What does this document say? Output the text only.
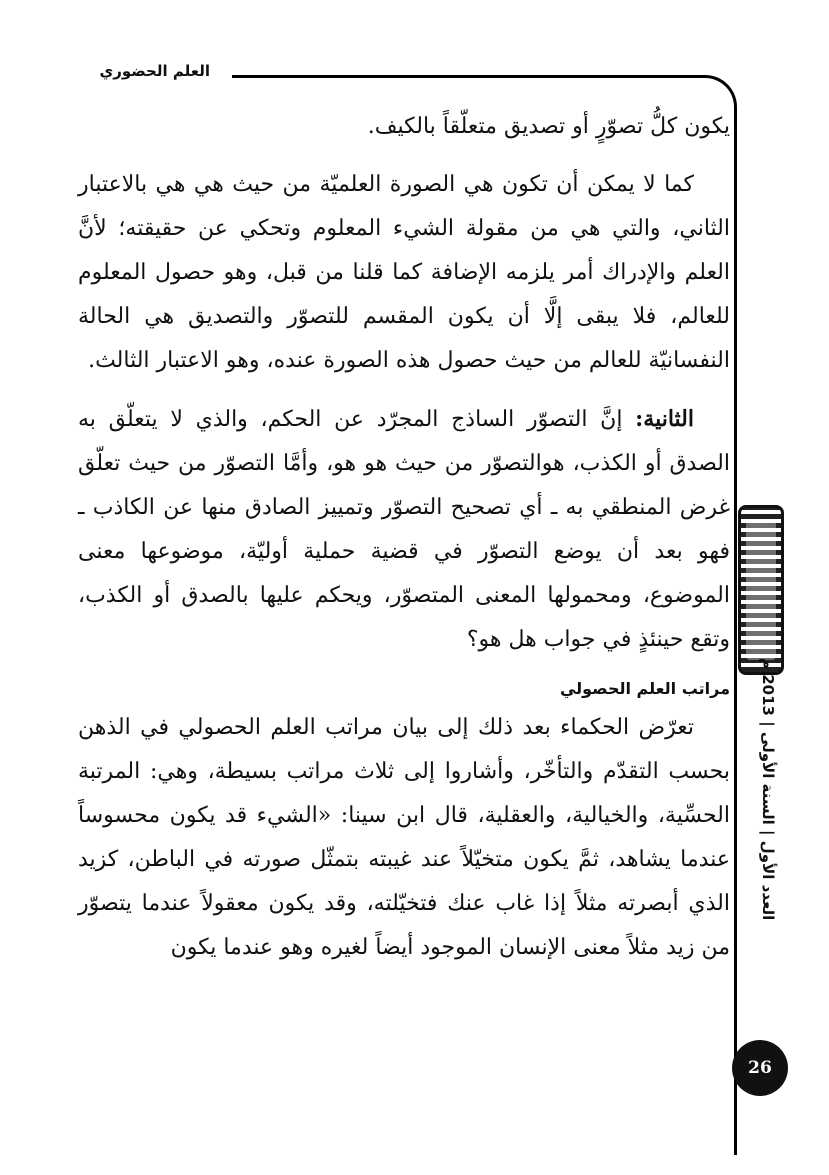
العلم الحضوري

يكون كلُّ تصوّرٍ أو تصديق متعلّقاً بالكيف.

كما لا يمكن أن تكون هي الصورة العلميّة من حيث هي هي بالاعتبار الثاني، والتي هي من مقولة الشيء المعلوم وتحكي عن حقيقته؛ لأنَّ العلم والإدراك أمر يلزمه الإضافة كما قلنا من قبل، وهو حصول المعلوم للعالم، فلا يبقى إلَّا أن يكون المقسم للتصوّر والتصديق هي الحالة النفسانيّة للعالم من حيث حصول هذه الصورة عنده، وهو الاعتبار الثالث.

الثانية: إنَّ التصوّر الساذج المجرّد عن الحكم، والذي لا يتعلّق به الصدق أو الكذب، هوالتصوّر من حيث هو هو، وأمَّا التصوّر من حيث تعلّق غرض المنطقي به ـ أي تصحيح التصوّر وتمييز الصادق منها عن الكاذب ـ فهو بعد أن يوضع التصوّر في قضية حملية أوليّة، موضوعها معنى الموضوع، ومحمولها المعنى المتصوّر، ويحكم عليها بالصدق أو الكذب، وتقع حينئذٍ في جواب هل هو؟

مراتب العلم الحصولي

تعرّض الحكماء بعد ذلك إلى بيان مراتب العلم الحصولي في الذهن بحسب التقدّم والتأخّر، وأشاروا إلى ثلاث مراتب بسيطة، وهي: المرتبة الحسِّية، والخيالية، والعقلية، قال ابن سينا: «الشيء قد يكون محسوساً عندما يشاهد، ثمَّ يكون متخيّلاً عند غيبته بتمثّل صورته في الباطن، كزيد الذي أبصرته مثلاً إذا غاب عنك فتخيّلته، وقد يكون معقولاً عندما يتصوّر من زيد مثلاً معنى الإنسان الموجود أيضاً لغيره وهو عندما يكون

العدد الأول | السنة الأولى | 2013 م
26
